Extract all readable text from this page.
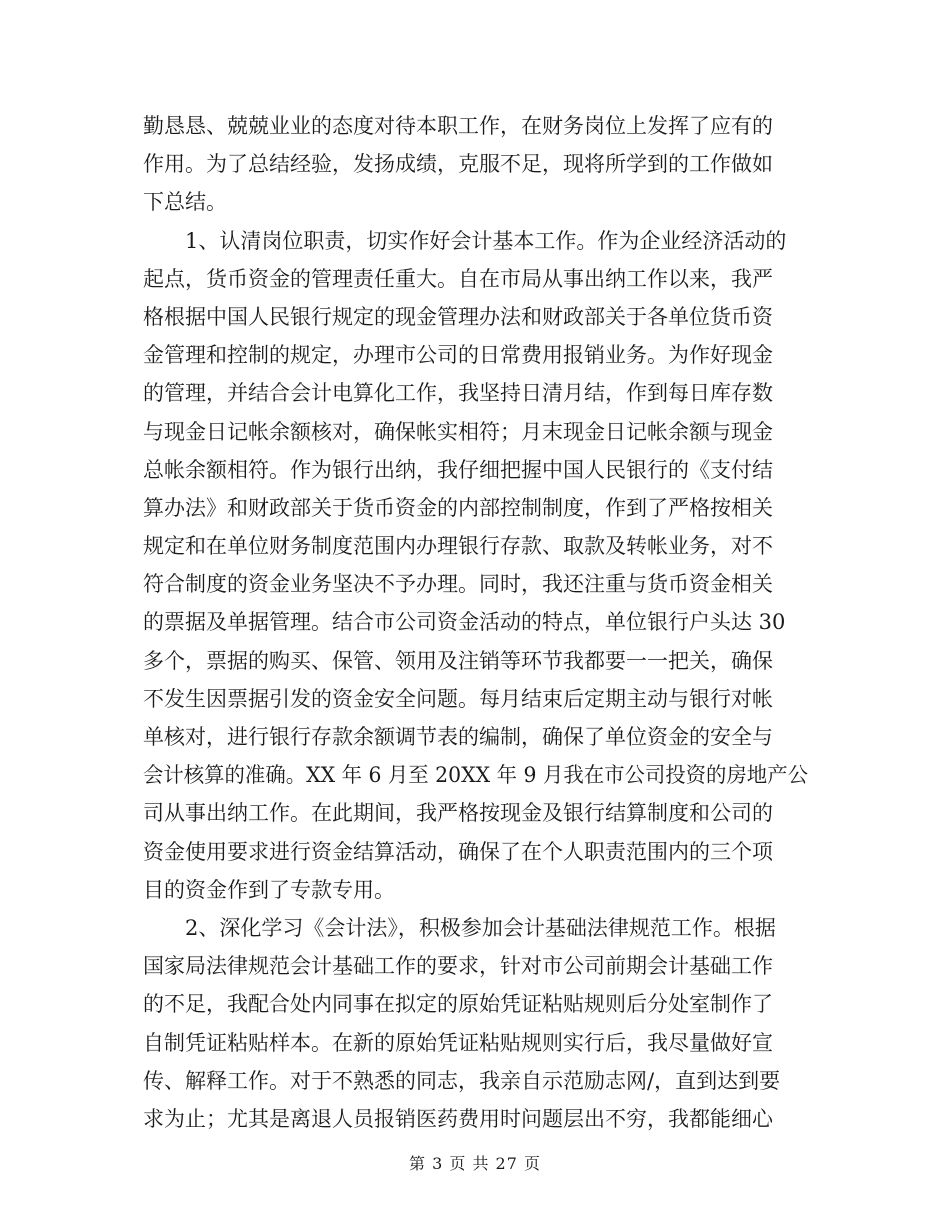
勤恳恳、兢兢业业的态度对待本职工作，在财务岗位上发挥了应有的
作用。为了总结经验，发扬成绩，克服不足，现将所学到的工作做如
下总结。
1、认清岗位职责，切实作好会计基本工作。作为企业经济活动的
起点，货币资金的管理责任重大。自在市局从事出纳工作以来，我严
格根据中国人民银行规定的现金管理办法和财政部关于各单位货币资
金管理和控制的规定，办理市公司的日常费用报销业务。为作好现金
的管理，并结合会计电算化工作，我坚持日清月结，作到每日库存数
与现金日记帐余额核对，确保帐实相符；月末现金日记帐余额与现金
总帐余额相符。作为银行出纳，我仔细把握中国人民银行的《支付结
算办法》和财政部关于货币资金的内部控制制度，作到了严格按相关
规定和在单位财务制度范围内办理银行存款、取款及转帐业务，对不
符合制度的资金业务坚决不予办理。同时，我还注重与货币资金相关
的票据及单据管理。结合市公司资金活动的特点，单位银行户头达 30
多个，票据的购买、保管、领用及注销等环节我都要一一把关，确保
不发生因票据引发的资金安全问题。每月结束后定期主动与银行对帐
单核对，进行银行存款余额调节表的编制，确保了单位资金的安全与
会计核算的准确。XX 年 6 月至 20XX 年 9 月我在市公司投资的房地产公
司从事出纳工作。在此期间，我严格按现金及银行结算制度和公司的
资金使用要求进行资金结算活动，确保了在个人职责范围内的三个项
目的资金作到了专款专用。
2、深化学习《会计法》，积极参加会计基础法律规范工作。根据
国家局法律规范会计基础工作的要求，针对市公司前期会计基础工作
的不足，我配合处内同事在拟定的原始凭证粘贴规则后分处室制作了
自制凭证粘贴样本。在新的原始凭证粘贴规则实行后，我尽量做好宣
传、解释工作。对于不熟悉的同志，我亲自示范励志网/，直到达到要
求为止；尤其是离退人员报销医药费用时问题层出不穷，我都能细心
第 3 页 共 27 页
